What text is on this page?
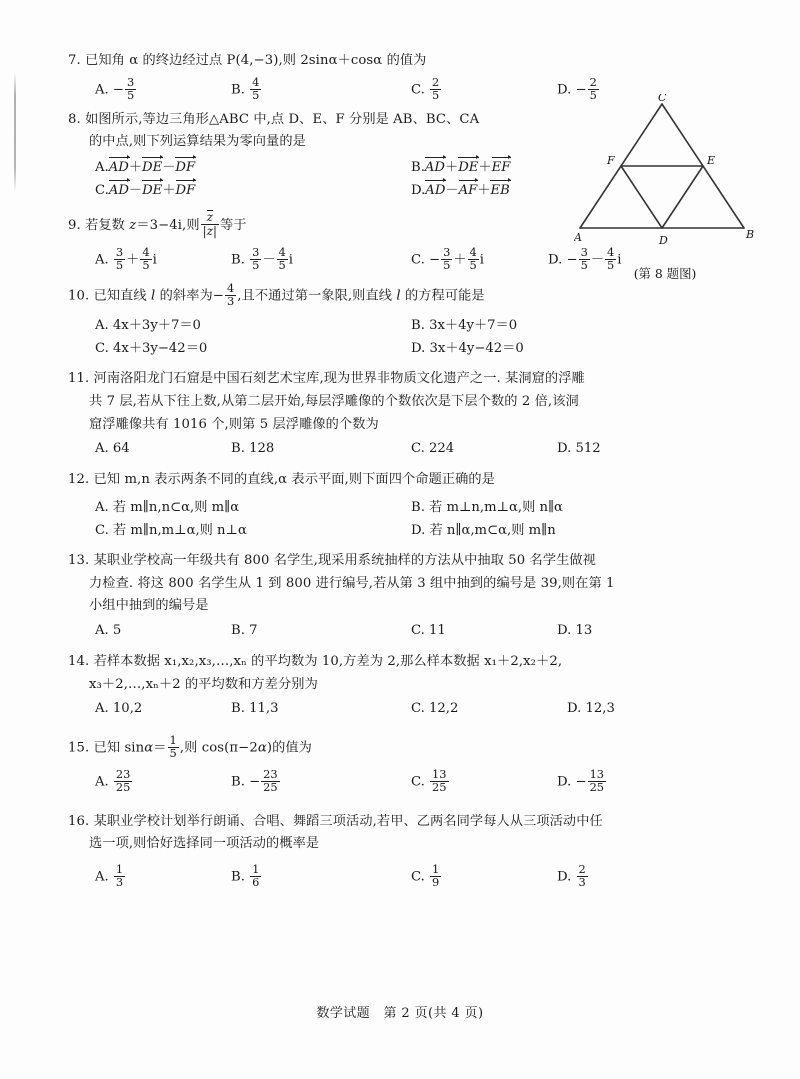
7. 已知角 α 的终边经过点 P(4,−3),则 2sinα＋cosα 的值为
A. − $\frac{3}{5}$	B. $\frac{4}{5}$	C. $\frac{2}{5}$	D. − $\frac{2}{5}$
8. 如图所示,等边三角形△ABC 中,点 D、E、F 分别是 AB、BC、CA
的中点,则下列运算结果为零向量的是
A.AD＋DE－DF	B.AD＋DE＋EF
C.AD－DE＋DF	D.AD－AF＋EB
9. 若复数 z＝3−4i,则 z
| z | 等于
A. $\frac{3}{5} + \frac{4}{5}$ i	B. $\frac{3}{5} - \frac{4}{5}$ i	C. − $\frac{3}{5} + \frac{4}{5}$ i	D. − $\frac{3}{5} - \frac{4}{5}$ i
10. 已知直线 l 的斜率为− $\frac{4}{3}$ ,且不通过第一象限,则直线 l 的方程可能是
A. 4x＋3y＋7＝0	B. 3x＋4y＋7＝0
C. 4x＋3y−42＝0	D. 3x＋4y−42＝0
11. 河南洛阳龙门石窟是中国石刻艺术宝库,现为世界非物质文化遗产之一. 某洞窟的浮雕
共 7 层,若从下往上数,从第二层开始,每层浮雕像的个数依次是下层个数的 2 倍,该洞
窟浮雕像共有 1016 个,则第 5 层浮雕像的个数为
A. 64	B. 128	C. 224	D. 512
12. 已知 m,n 表示两条不同的直线,α 表示平面,则下面四个命题正确的是
A. 若 m∥n,n⊂α,则 m∥α	B. 若 m⊥n,m⊥α,则 n∥α
C. 若 m∥n,m⊥α,则 n⊥α	D. 若 n∥α,m⊂α,则 m∥n
13. 某职业学校高一年级共有 800 名学生,现采用系统抽样的方法从中抽取 50 名学生做视
力检查. 将这 800 名学生从 1 到 800 进行编号,若从第 3 组中抽到的编号是 39,则在第 1
小组中抽到的编号是
A. 5	B. 7	C. 11	D. 13
14. 若样本数据 x₁,x₂,x₃,…,xₙ 的平均数为 10,方差为 2,那么样本数据 x₁＋2,x₂＋2,
x₃＋2,…,xₙ＋2 的平均数和方差分别为
A. 10,2	B. 11,3	C. 12,2	D. 12,3
15. 已知 $\sin\alpha= \frac{1}{5}$ ,则 cos(π−2α)的值为
A. $\frac{23}{25}$	B. − $\frac{23}{25}$	C. $\frac{13}{25}$	D. − $\frac{13}{25}$
16. 某职业学校计划举行朗诵、合唱、舞蹈三项活动,若甲、乙两名同学每人从三项活动中任
选一项,则恰好选择同一项活动的概率是
A. $\frac{1}{3}$	B. $\frac{1}{6}$	C. $\frac{1}{9}$	D. $\frac{2}{3}$
C
A	B
D
E
F
(第 8 题图)
数学试题　第 2 页(共 4 页)
